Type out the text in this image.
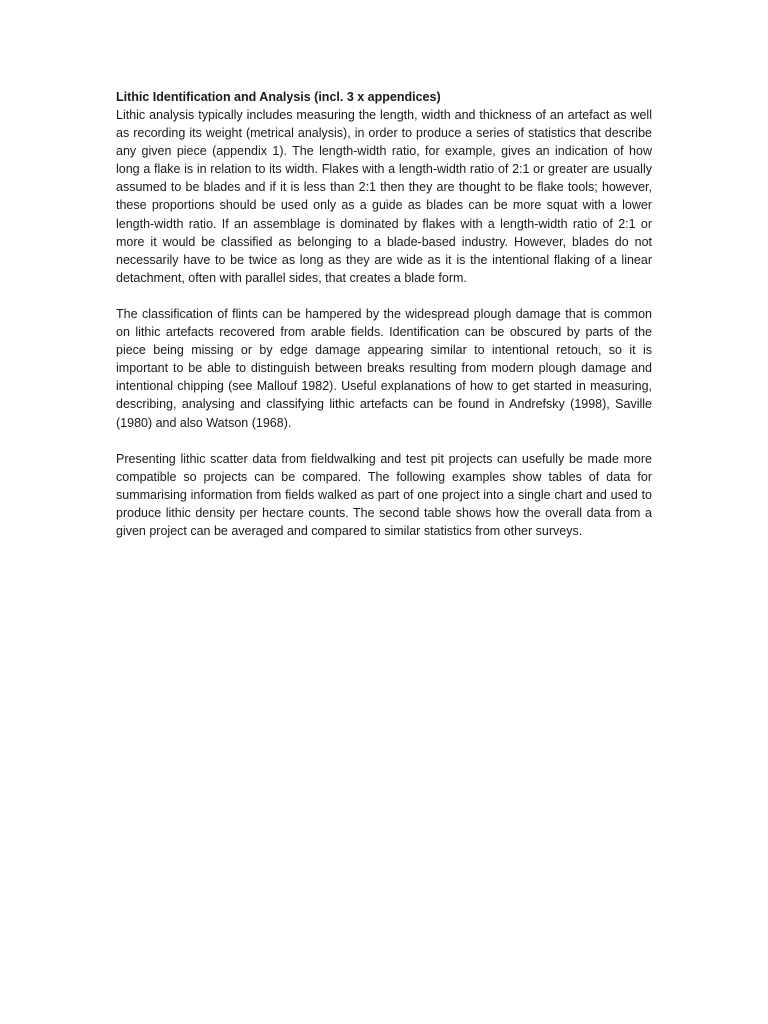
Lithic Identification and Analysis (incl. 3 x appendices)

Lithic analysis typically includes measuring the length, width and thickness of an artefact as well as recording its weight (metrical analysis), in order to produce a series of statistics that describe any given piece (appendix 1). The length-width ratio, for example, gives an indication of how long a flake is in relation to its width. Flakes with a length-width ratio of 2:1 or greater are usually assumed to be blades and if it is less than 2:1 then they are thought to be flake tools; however, these proportions should be used only as a guide as blades can be more squat with a lower length-width ratio. If an assemblage is dominated by flakes with a length-width ratio of 2:1 or more it would be classified as belonging to a blade-based industry. However, blades do not necessarily have to be twice as long as they are wide as it is the intentional flaking of a linear detachment, often with parallel sides, that creates a blade form.

The classification of flints can be hampered by the widespread plough damage that is common on lithic artefacts recovered from arable fields. Identification can be obscured by parts of the piece being missing or by edge damage appearing similar to intentional retouch, so it is important to be able to distinguish between breaks resulting from modern plough damage and intentional chipping (see Mallouf 1982). Useful explanations of how to get started in measuring, describing, analysing and classifying lithic artefacts can be found in Andrefsky (1998), Saville (1980) and also Watson (1968).

Presenting lithic scatter data from fieldwalking and test pit projects can usefully be made more compatible so projects can be compared. The following examples show tables of data for summarising information from fields walked as part of one project into a single chart and used to produce lithic density per hectare counts. The second table shows how the overall data from a given project can be averaged and compared to similar statistics from other surveys.
